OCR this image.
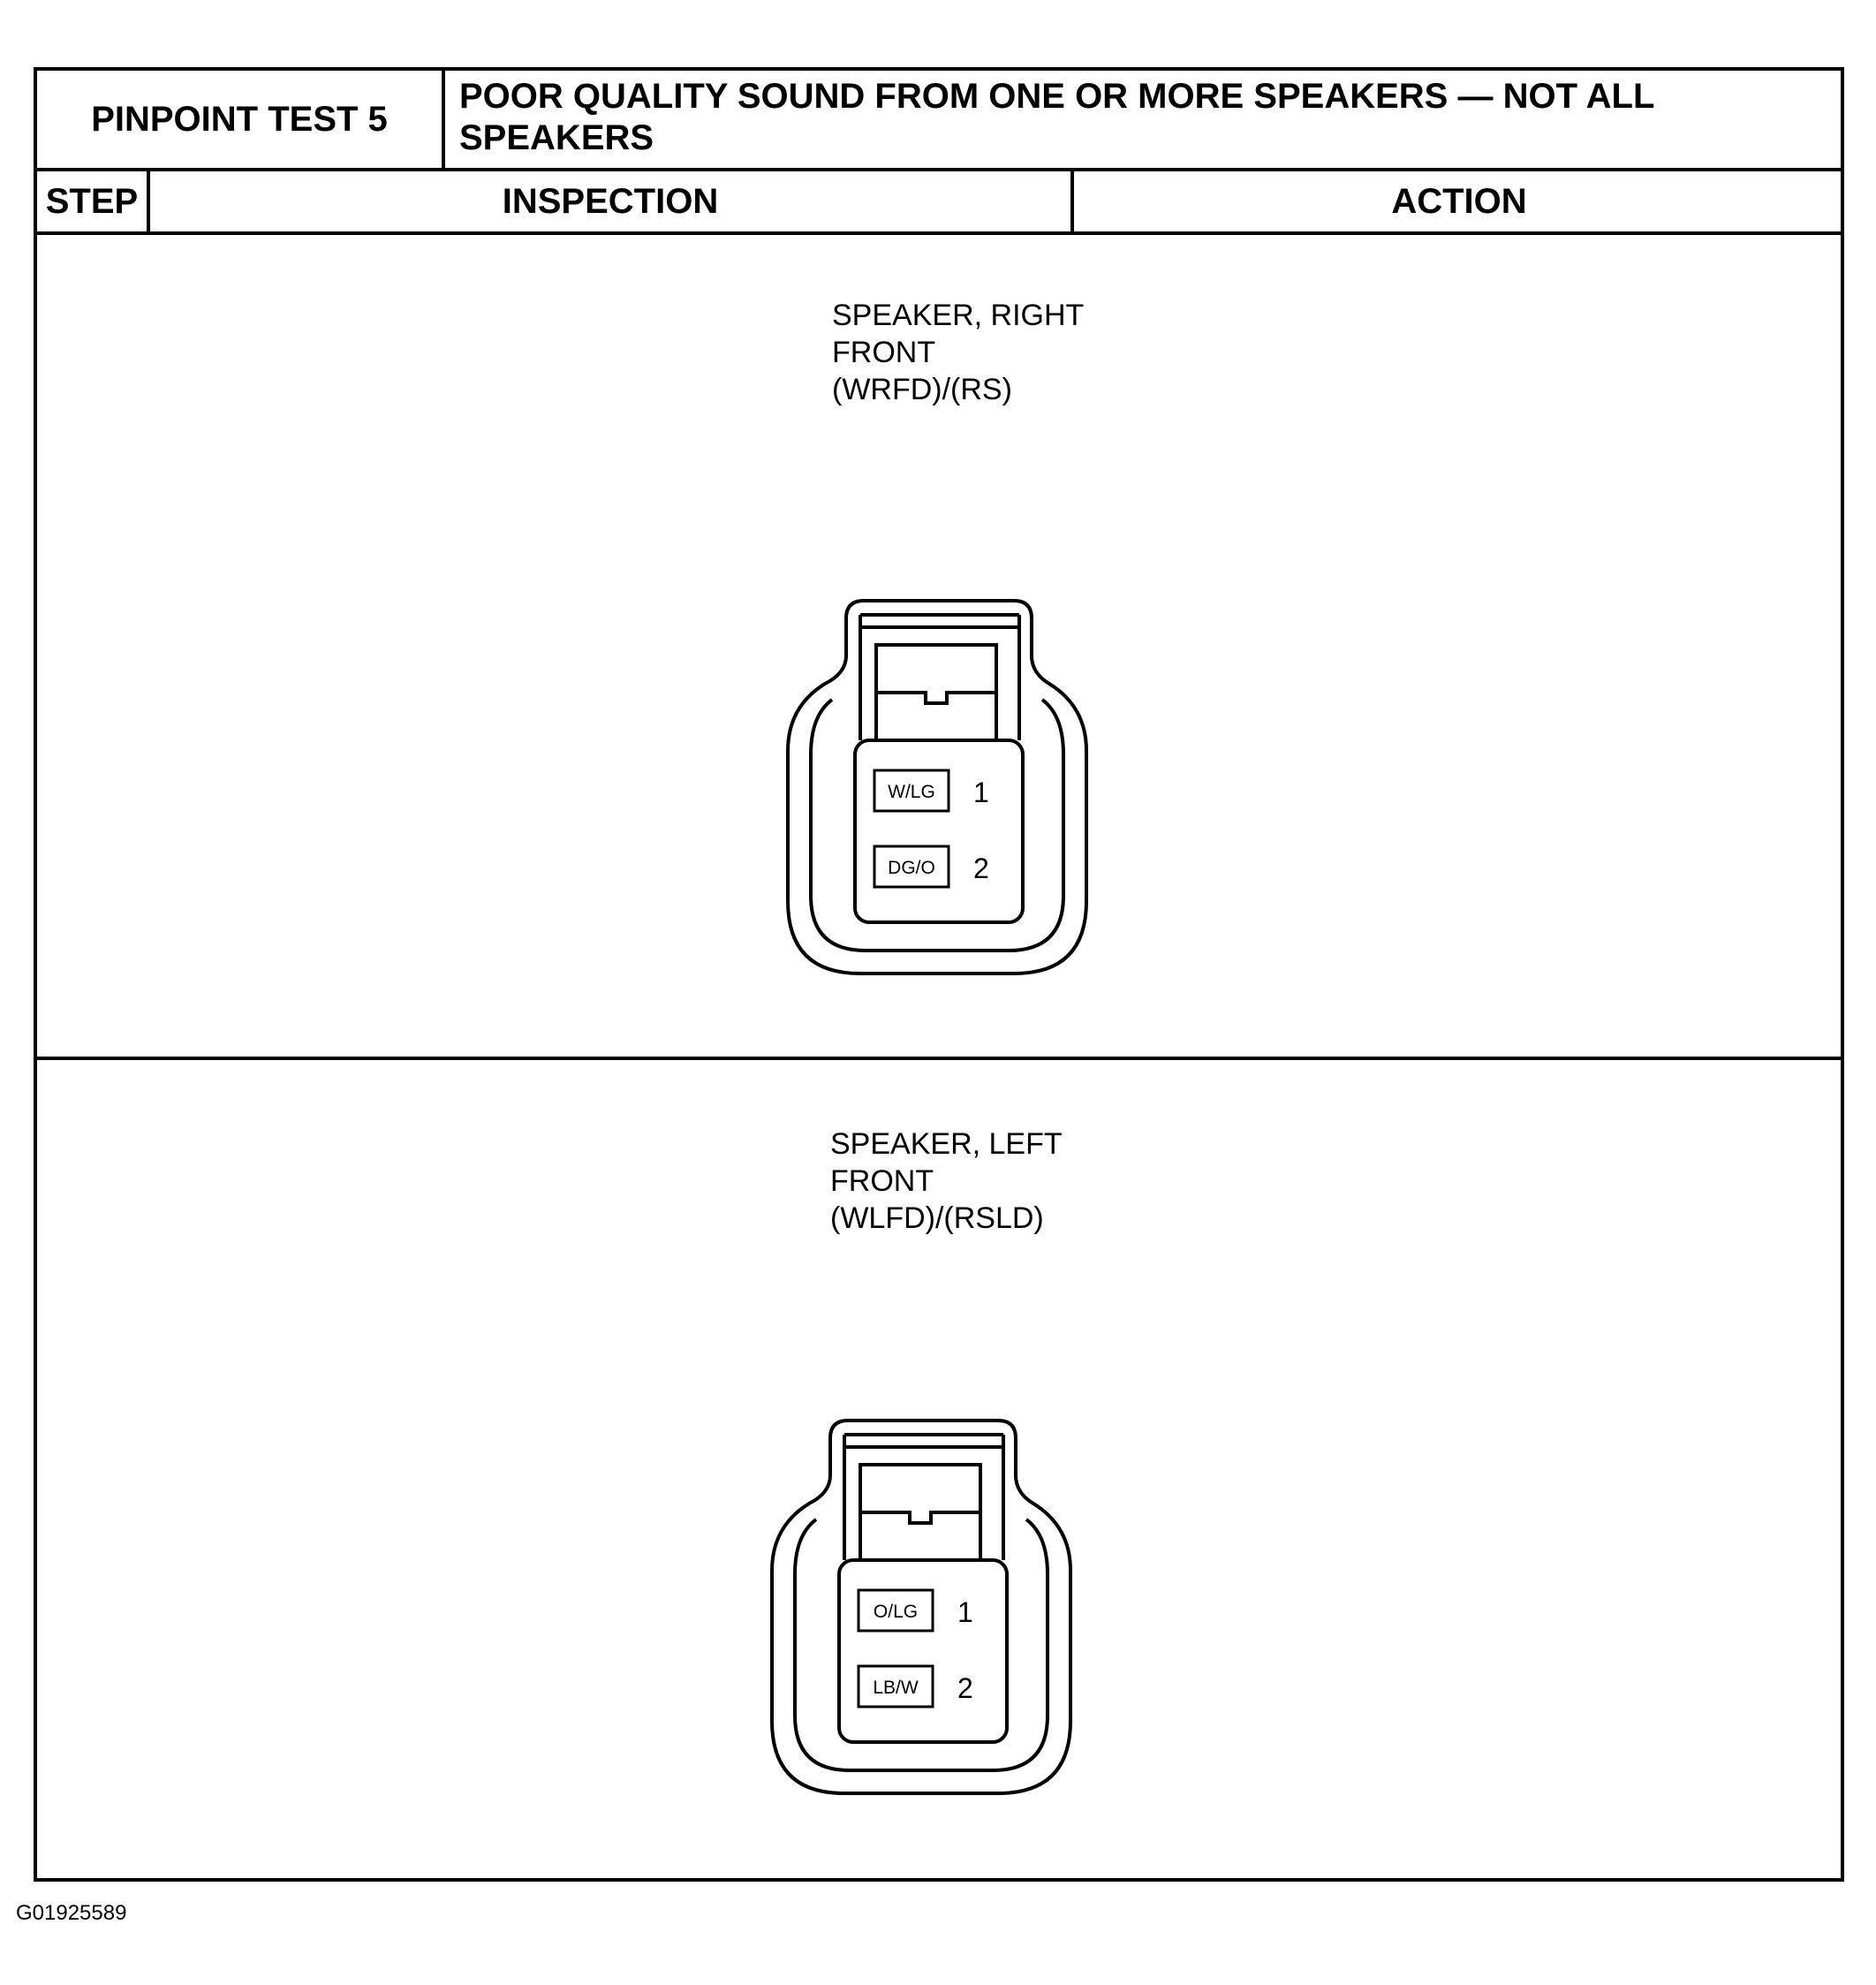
PINPOINT TEST 5
POOR QUALITY SOUND FROM ONE OR MORE SPEAKERS — NOT ALL
SPEAKERS
STEP	INSPECTION	ACTION
SPEAKER, RIGHT
FRONT
(WRFD)/(RS)
W/LG
DG/O
1
2
SPEAKER, LEFT
FRONT
(WLFD)/(RSLD)
O/LG
LB/W
1
2
G01925589
